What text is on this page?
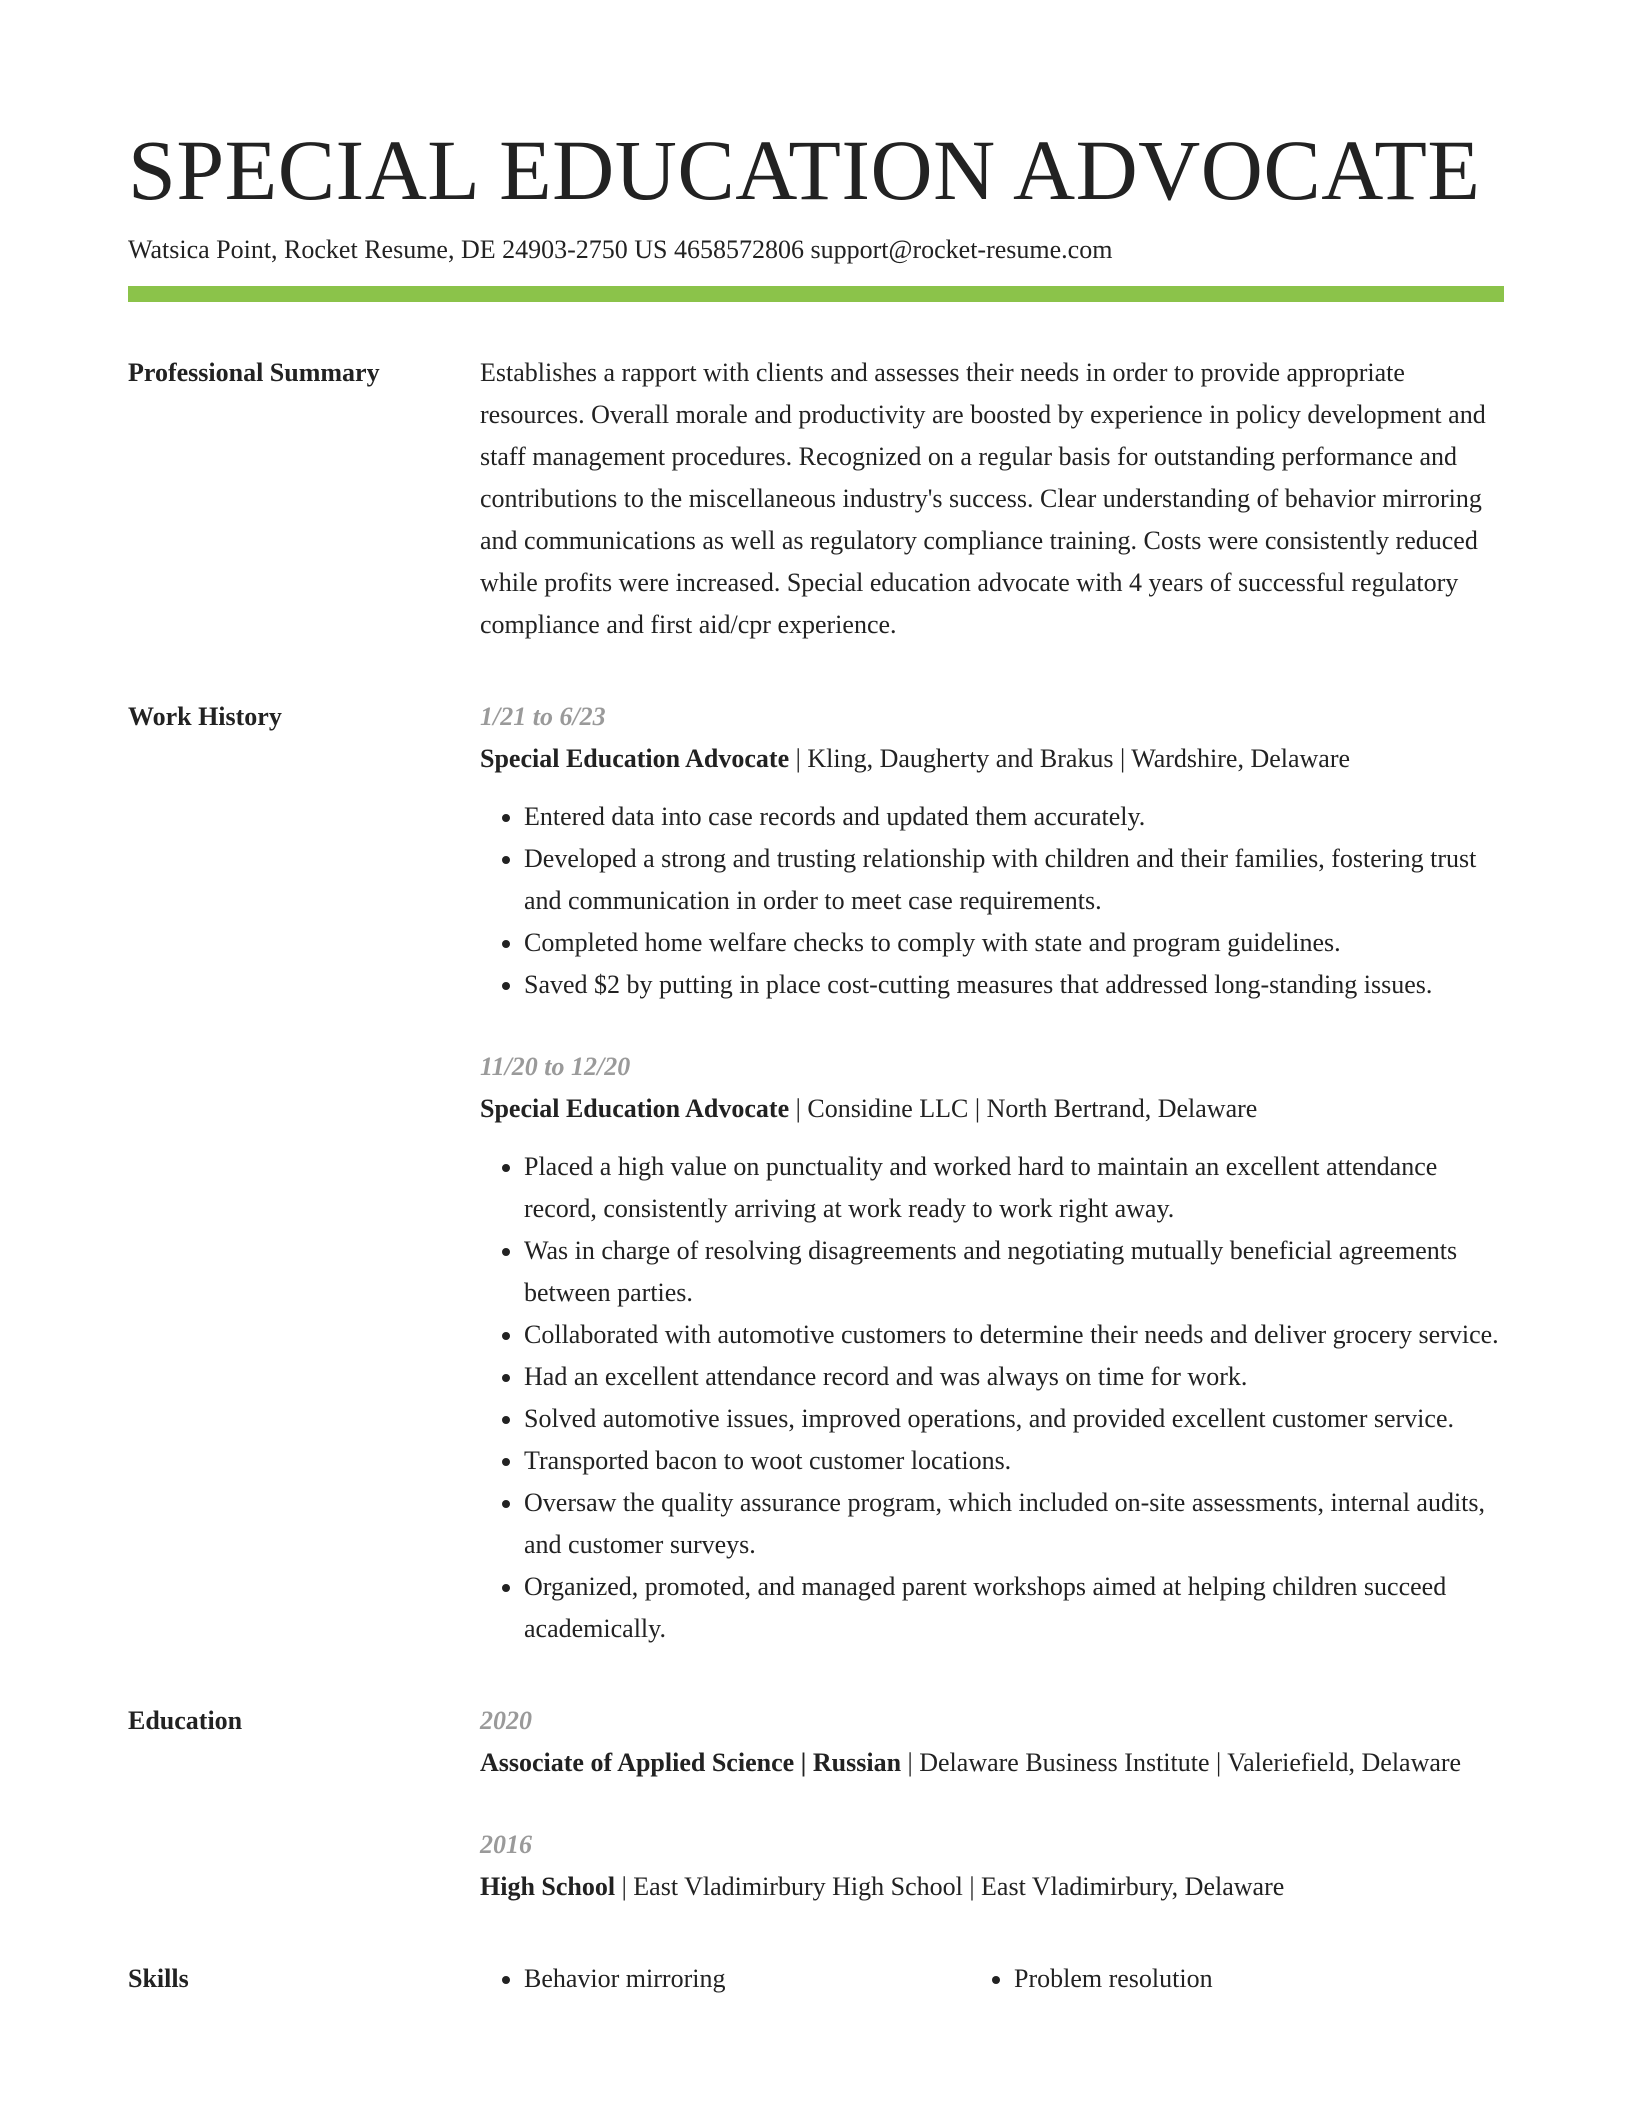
SPECIAL EDUCATION ADVOCATE
Watsica Point, Rocket Resume, DE 24903-2750 US 4658572806 support@rocket-resume.com
Professional Summary	Establishes a rapport with clients and assesses their needs in order to provide appropriate resources. Overall morale and productivity are boosted by experience in policy development and staff management procedures. Recognized on a regular basis for outstanding performance and contributions to the miscellaneous industry's success. Clear understanding of behavior mirroring and communications as well as regulatory compliance training. Costs were consistently reduced while profits were increased. Special education advocate with 4 years of successful regulatory compliance and first aid/cpr experience.

Work History	1/21 to 6/23
Special Education Advocate | Kling, Daugherty and Brakus | Wardshire, Delaware
• Entered data into case records and updated them accurately.
• Developed a strong and trusting relationship with children and their families, fostering trust and communication in order to meet case requirements.
• Completed home welfare checks to comply with state and program guidelines.
• Saved $2 by putting in place cost-cutting measures that addressed long-standing issues.
11/20 to 12/20
Special Education Advocate | Considine LLC | North Bertrand, Delaware
• Placed a high value on punctuality and worked hard to maintain an excellent attendance record, consistently arriving at work ready to work right away.
• Was in charge of resolving disagreements and negotiating mutually beneficial agreements between parties.
• Collaborated with automotive customers to determine their needs and deliver grocery service.
• Had an excellent attendance record and was always on time for work.
• Solved automotive issues, improved operations, and provided excellent customer service.
• Transported bacon to woot customer locations.
• Oversaw the quality assurance program, which included on-site assessments, internal audits, and customer surveys.
• Organized, promoted, and managed parent workshops aimed at helping children succeed academically.
Education	2020
Associate of Applied Science | Russian | Delaware Business Institute | Valeriefield, Delaware
2016
High School | East Vladimirbury High School | East Vladimirbury, Delaware
Skills	• Behavior mirroring	• Problem resolution
